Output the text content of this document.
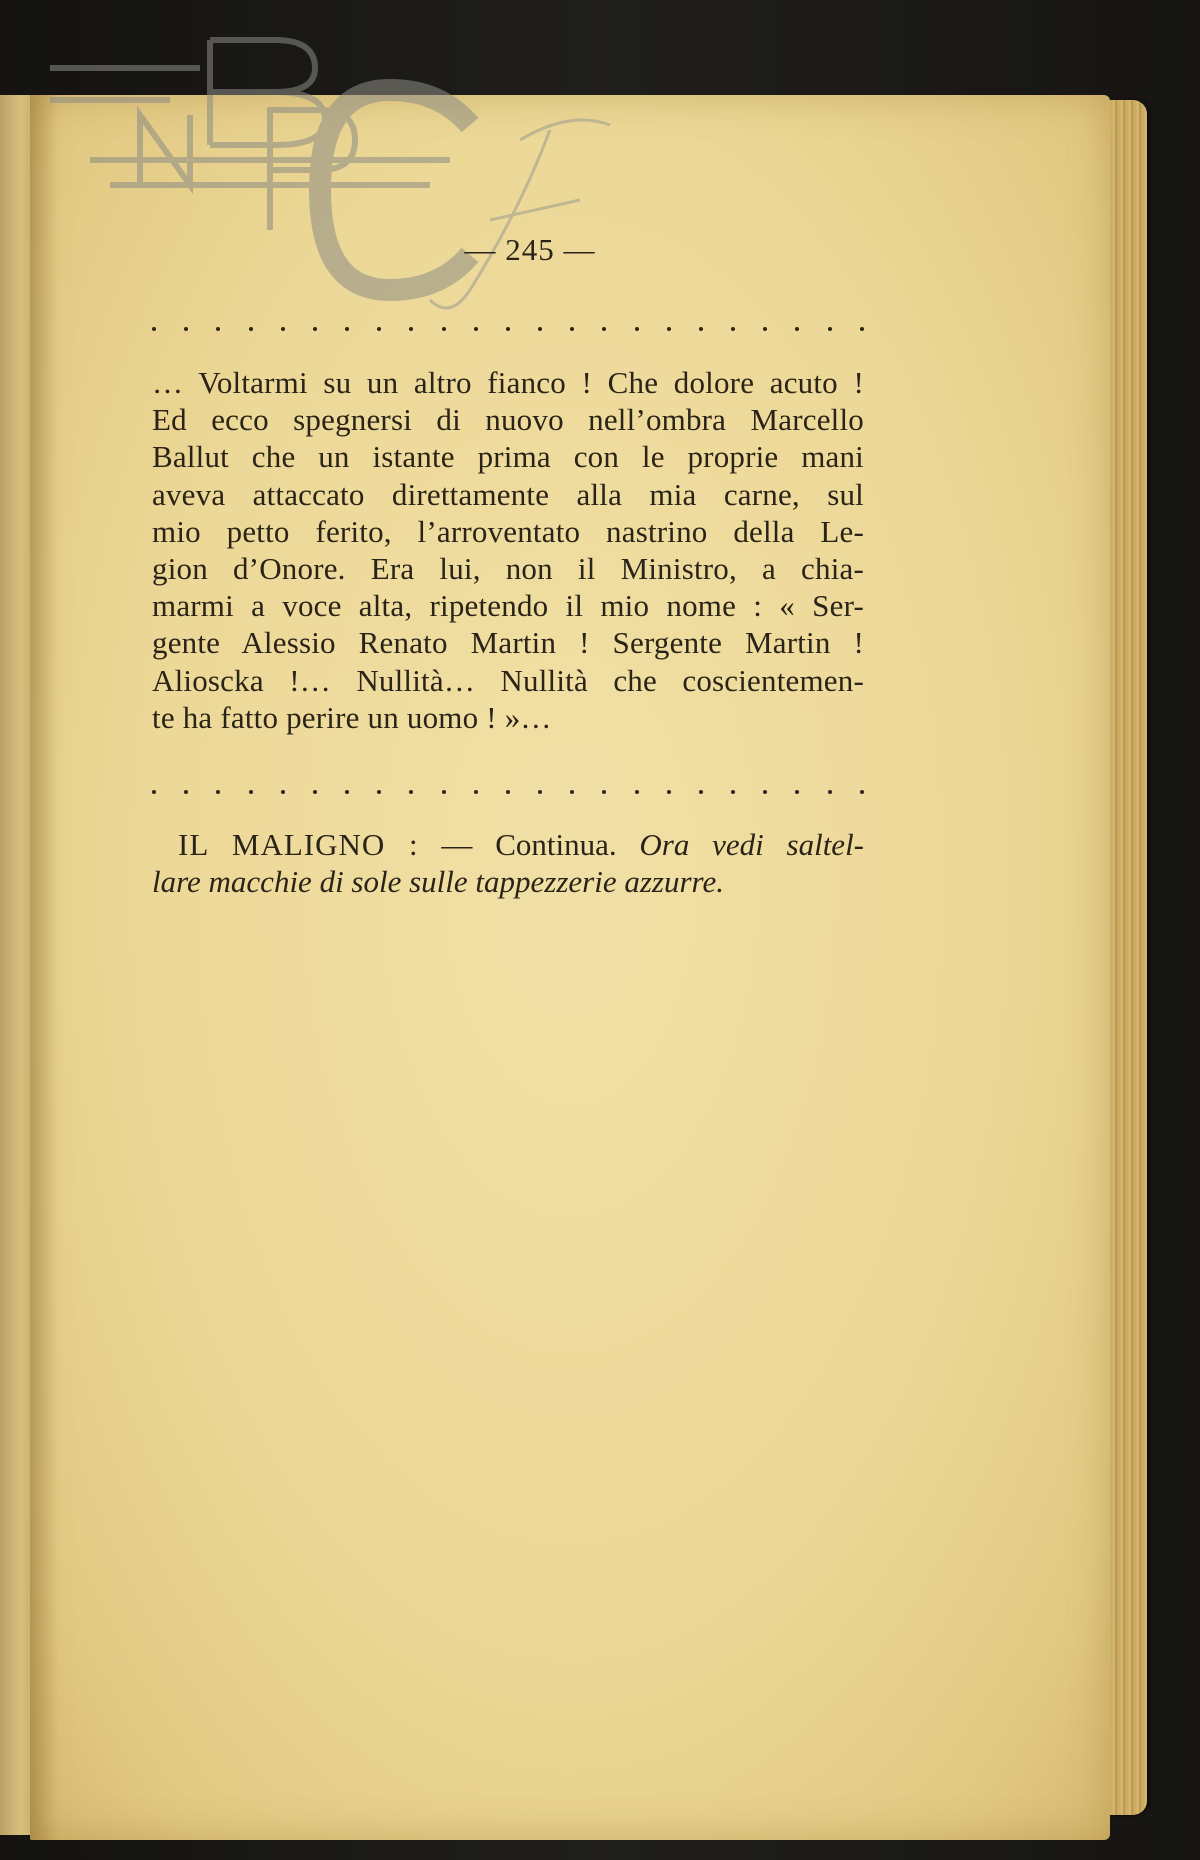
— 245 —
… Voltarmi su un altro fianco ! Che dolore acuto !
Ed ecco spegnersi di nuovo nell’ombra Marcello
Ballut che un istante prima con le proprie mani
aveva attaccato direttamente alla mia carne, sul
mio petto ferito, l’arroventato nastrino della Le-
gion d’Onore. Era lui, non il Ministro, a chia-
marmi a voce alta, ripetendo il mio nome : « Ser-
gente Alessio Renato Martin ! Sergente Martin !
Alioscka !… Nullità… Nullità che coscientemen-
te ha fatto perire un uomo ! »…
IL MALIGNO : — Continua. Ora vedi saltel-
lare macchie di sole sulle tappezzerie azzurre.
